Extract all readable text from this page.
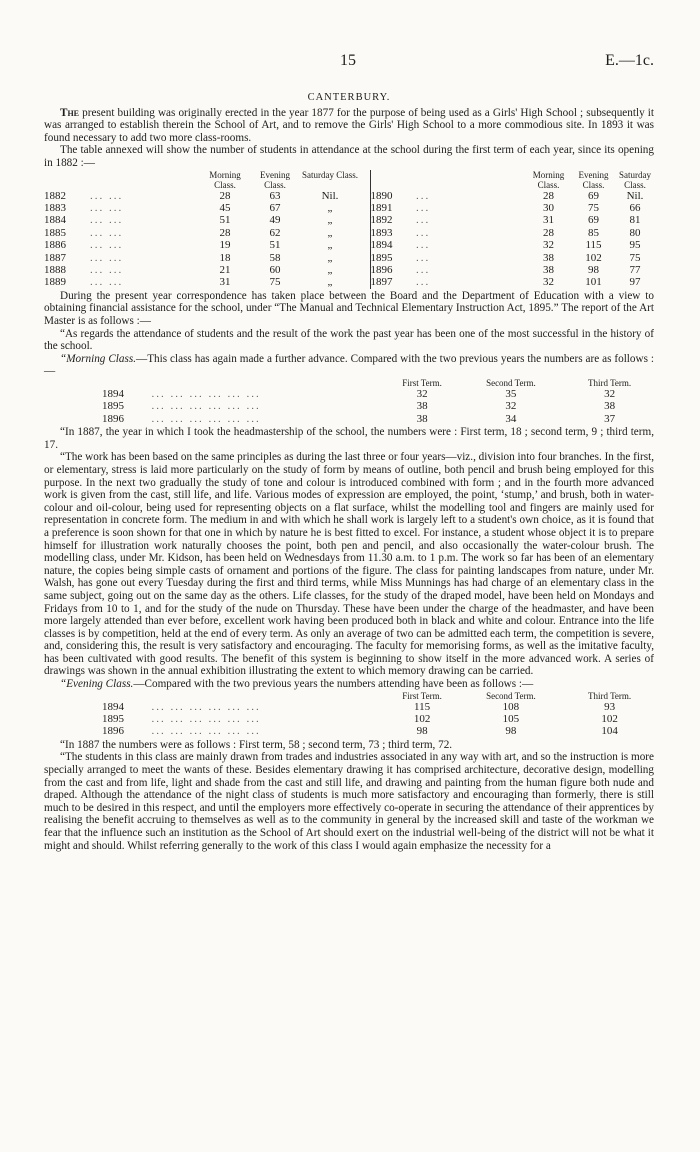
15	E.—1c.
CANTERBURY.

The present building was originally erected in the year 1877 for the purpose of being used as a Girls' High School ; subsequently it was arranged to establish therein the School of Art, and to remove the Girls' High School to a more commodious site. In 1893 it was found necessary to add two more class-rooms.

The table annexed will show the number of students in attendance at the school during the first term of each year, since its opening in 1882 :—

		Morning Class.	Evening Class.	Saturday Class.				Morning Class.	Evening Class.	Saturday Class.
1882	... ...	28	63	Nil.		1890	...	28	69	Nil.
1883	... ...	45	67	„		1891	...	30	75	66
1884	... ...	51	49	„		1892	...	31	69	81
1885	... ...	28	62	„		1893	...	28	85	80
1886	... ...	19	51	„		1894	...	32	115	95
1887	... ...	18	58	„		1895	...	38	102	75
1888	... ...	21	60	„		1896	...	38	98	77
1889	... ...	31	75	„		1897	...	32	101	97

During the present year correspondence has taken place between the Board and the Department of Education with a view to obtaining financial assistance for the school, under “The Manual and Technical Elementary Instruction Act, 1895.” The report of the Art Master is as follows :—

“As regards the attendance of students and the result of the work the past year has been one of the most successful in the history of the school.

“Morning Class.—This class has again made a further advance. Compared with the two previous years the numbers are as follows :—

		First Term.	Second Term.	Third Term.
1894	... ... ... ... ... ...	32	35	32
1895	... ... ... ... ... ...	38	32	38
1896	... ... ... ... ... ...	38	34	37

“In 1887, the year in which I took the headmastership of the school, the numbers were : First term, 18 ; second term, 9 ; third term, 17.

“The work has been based on the same principles as during the last three or four years—viz., division into four branches. In the first, or elementary, stress is laid more particularly on the study of form by means of outline, both pencil and brush being employed for this purpose. In the next two gradually the study of tone and colour is introduced combined with form ; and in the fourth more advanced work is given from the cast, still life, and life. Various modes of expression are employed, the point, ‘stump,’ and brush, both in water-colour and oil-colour, being used for representing objects on a flat surface, whilst the modelling tool and fingers are mainly used for representation in concrete form. The medium in and with which he shall work is largely left to a student's own choice, as it is found that a preference is soon shown for that one in which by nature he is best fitted to excel. For instance, a student whose object it is to prepare himself for illustration work naturally chooses the point, both pen and pencil, and also occasionally the water-colour brush. The modelling class, under Mr. Kidson, has been held on Wednesdays from 11.30 a.m. to 1 p.m. The work so far has been of an elementary nature, the copies being simple casts of ornament and portions of the figure. The class for painting landscapes from nature, under Mr. Walsh, has gone out every Tuesday during the first and third terms, while Miss Munnings has had charge of an elementary class in the same subject, going out on the same day as the others. Life classes, for the study of the draped model, have been held on Mondays and Fridays from 10 to 1, and for the study of the nude on Thursday. These have been under the charge of the headmaster, and have been more largely attended than ever before, excellent work having been produced both in black and white and colour. Entrance into the life classes is by competition, held at the end of every term. As only an average of two can be admitted each term, the competition is severe, and, considering this, the result is very satisfactory and encouraging. The faculty for memorising forms, as well as the imitative faculty, has been cultivated with good results. The benefit of this system is beginning to show itself in the more advanced work. A series of drawings was shown in the annual exhibition illustrating the extent to which memory drawing can be carried.

“Evening Class.—Compared with the two previous years the numbers attending have been as follows :—

		First Term.	Second Term.	Third Term.
1894	... ... ... ... ... ...	115	108	93
1895	... ... ... ... ... ...	102	105	102
1896	... ... ... ... ... ...	98	98	104

“In 1887 the numbers were as follows : First term, 58 ; second term, 73 ; third term, 72.

“The students in this class are mainly drawn from trades and industries associated in any way with art, and so the instruction is more specially arranged to meet the wants of these. Besides elementary drawing it has comprised architecture, decorative design, modelling from the cast and from life, light and shade from the cast and still life, and drawing and painting from the human figure both nude and draped. Although the attendance of the night class of students is much more satisfactory and encouraging than formerly, there is still much to be desired in this respect, and until the employers more effectively co-operate in securing the attendance of their apprentices by realising the benefit accruing to themselves as well as to the community in general by the increased skill and taste of the workman we fear that the influence such an institution as the School of Art should exert on the industrial well-being of the district will not be what it might and should. Whilst referring generally to the work of this class I would again emphasize the necessity for a
